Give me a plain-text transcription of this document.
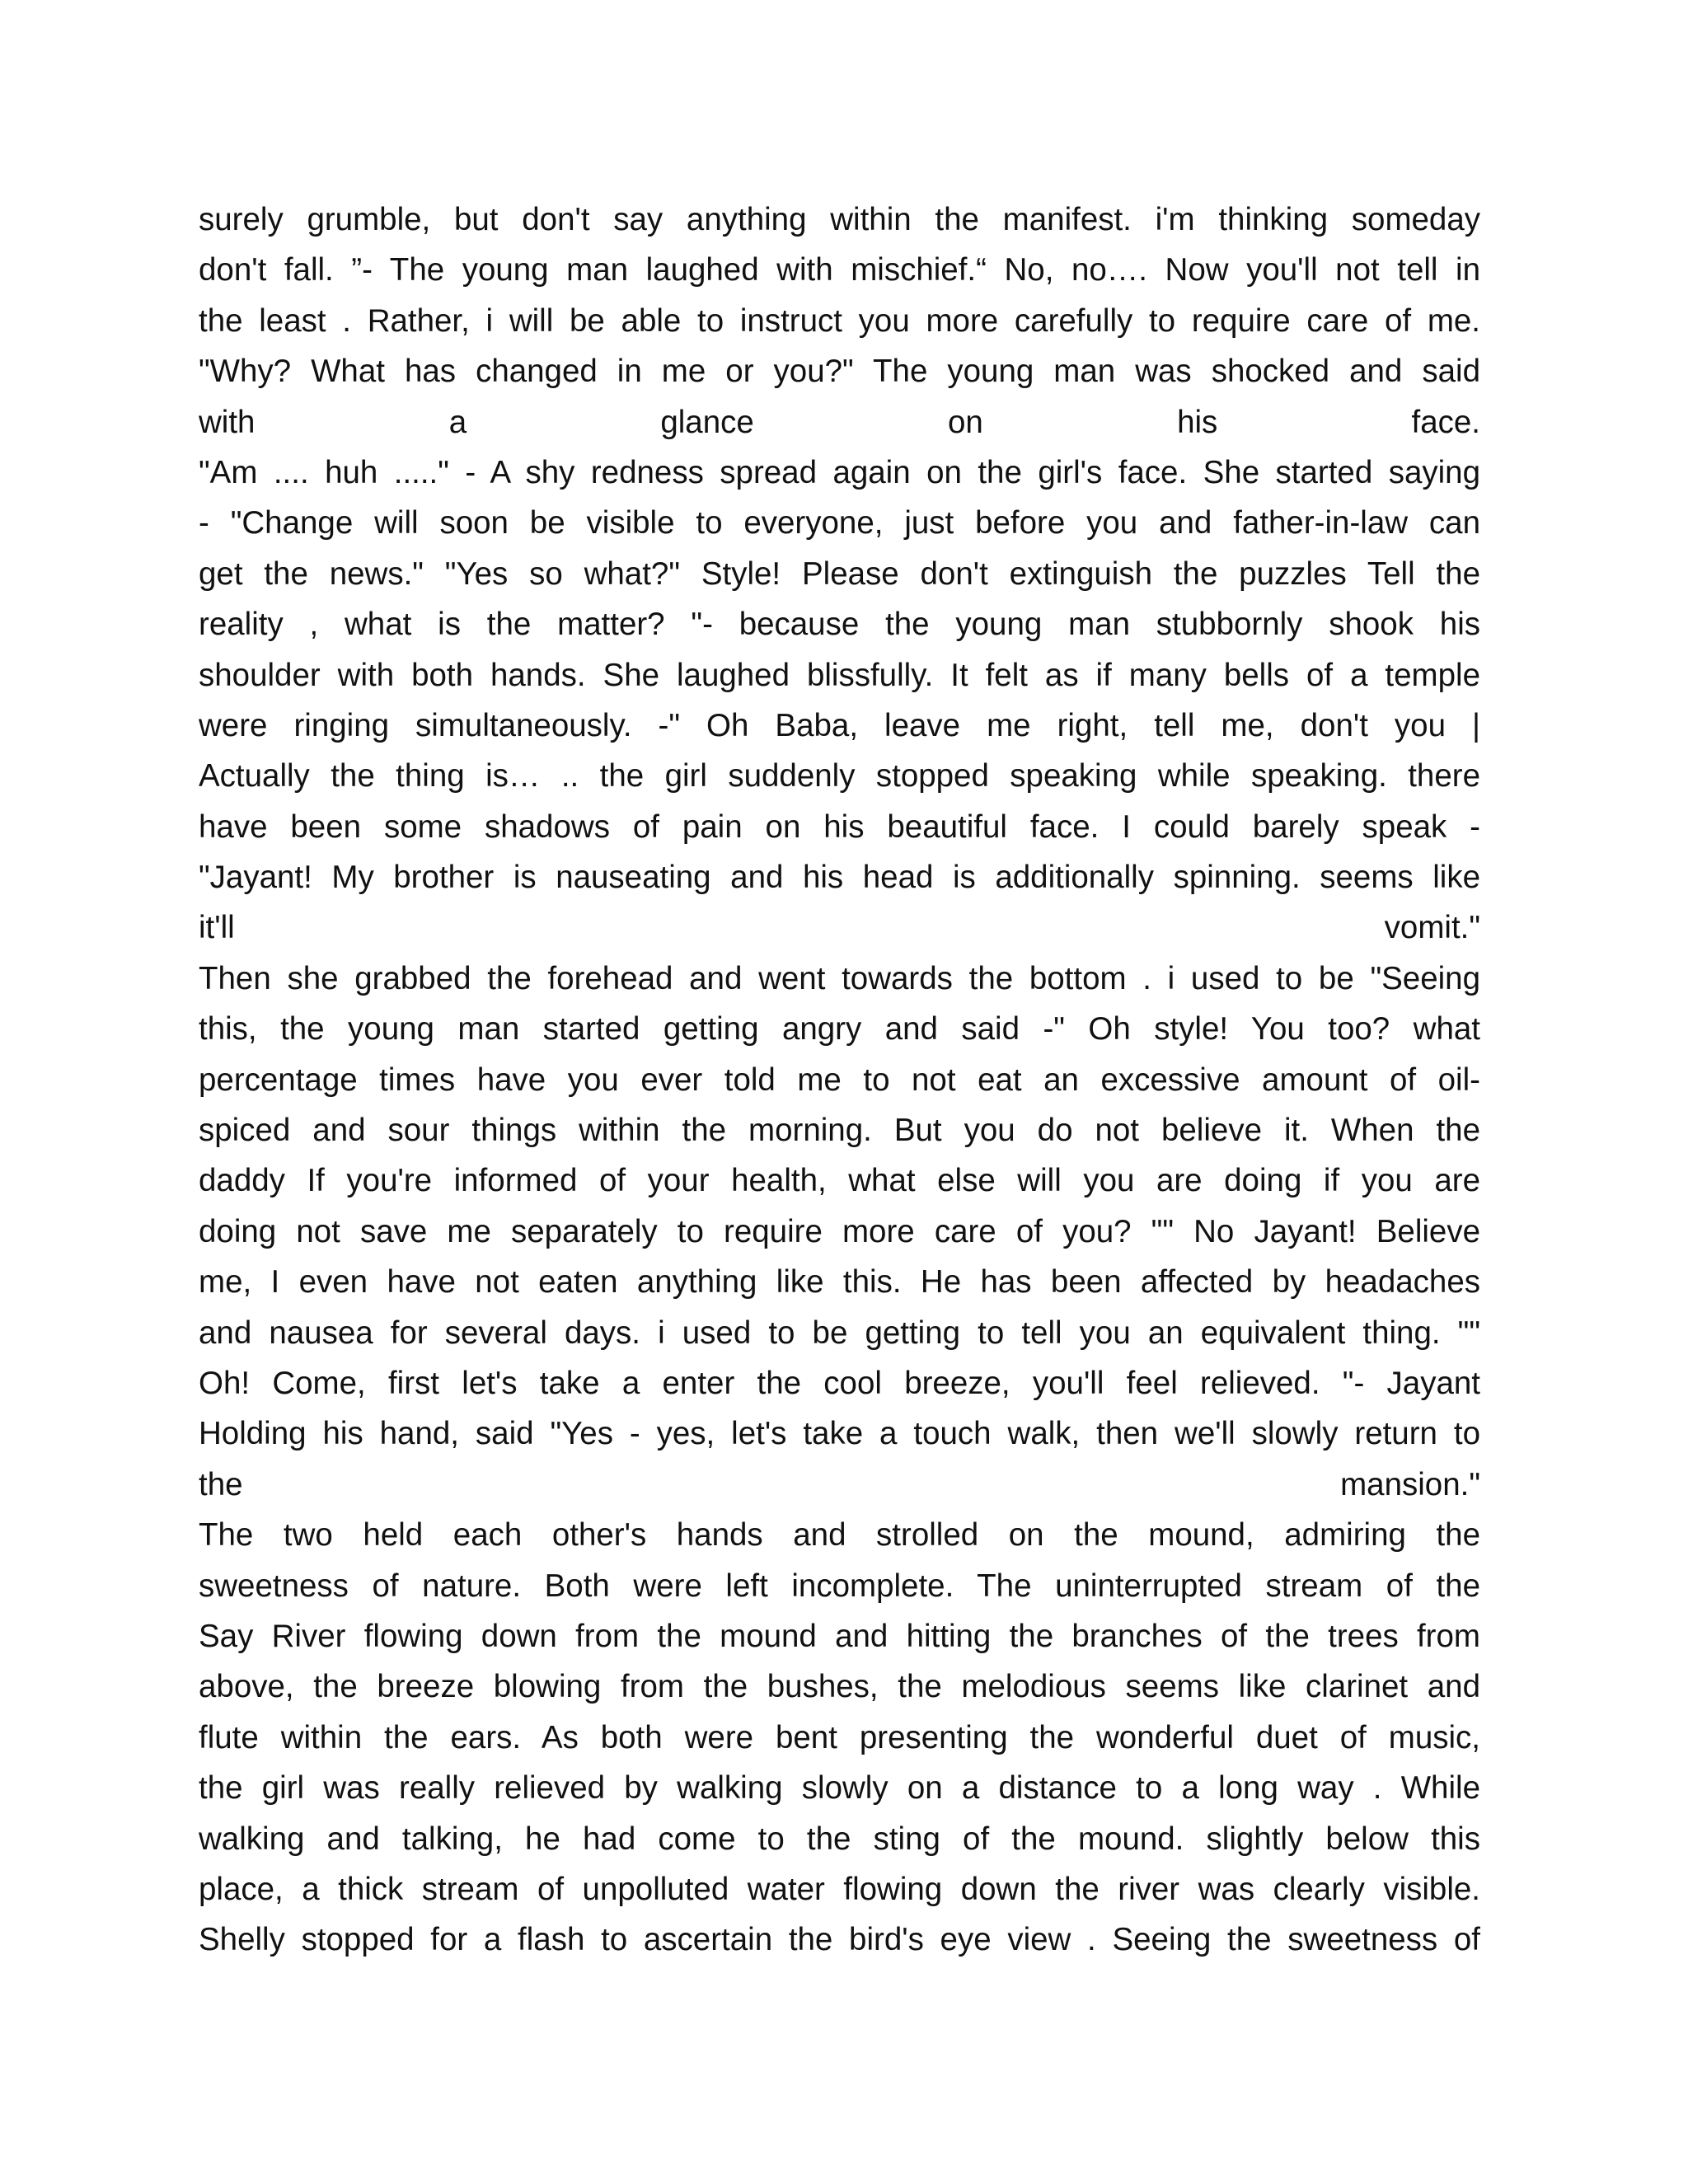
surely grumble, but don't say anything within the manifest. i'm thinking someday
don't fall. ”- The young man laughed with mischief.“ No, no…. Now you'll not tell in
the least . Rather, i will be able to instruct you more carefully to require care of me.
"Why? What has changed in me or you?" The young man was shocked and said
with a glance on his face.
"Am .... huh ....." - A shy redness spread again on the girl's face. She started saying
- "Change will soon be visible to everyone, just before you and father-in-law can
get the news." "Yes so what?" Style! Please don't extinguish the puzzles Tell the
reality , what is the matter? "- because the young man stubbornly shook his
shoulder with both hands. She laughed blissfully. It felt as if many bells of a temple
were ringing simultaneously. -" Oh Baba, leave me right, tell me, don't you |
Actually the thing is… .. the girl suddenly stopped speaking while speaking. there
have been some shadows of pain on his beautiful face. I could barely speak -
"Jayant! My brother is nauseating and his head is additionally spinning. seems like
it'll vomit."
Then she grabbed the forehead and went towards the bottom . i used to be "Seeing
this, the young man started getting angry and said -" Oh style! You too? what
percentage times have you ever told me to not eat an excessive amount of oil-
spiced and sour things within the morning. But you do not believe it. When the
daddy If you're informed of your health, what else will you are doing if you are
doing not save me separately to require more care of you? "" No Jayant! Believe
me, I even have not eaten anything like this. He has been affected by headaches
and nausea for several days. i used to be getting to tell you an equivalent thing. ""
Oh! Come, first let's take a enter the cool breeze, you'll feel relieved. "- Jayant
Holding his hand, said "Yes - yes, let's take a touch walk, then we'll slowly return to
the mansion."
The two held each other's hands and strolled on the mound, admiring the
sweetness of nature. Both were left incomplete. The uninterrupted stream of the
Say River flowing down from the mound and hitting the branches of the trees from
above, the breeze blowing from the bushes, the melodious seems like clarinet and
flute within the ears. As both were bent presenting the wonderful duet of music,
the girl was really relieved by walking slowly on a distance to a long way . While
walking and talking, he had come to the sting of the mound. slightly below this
place, a thick stream of unpolluted water flowing down the river was clearly visible.
Shelly stopped for a flash to ascertain the bird's eye view . Seeing the sweetness of
